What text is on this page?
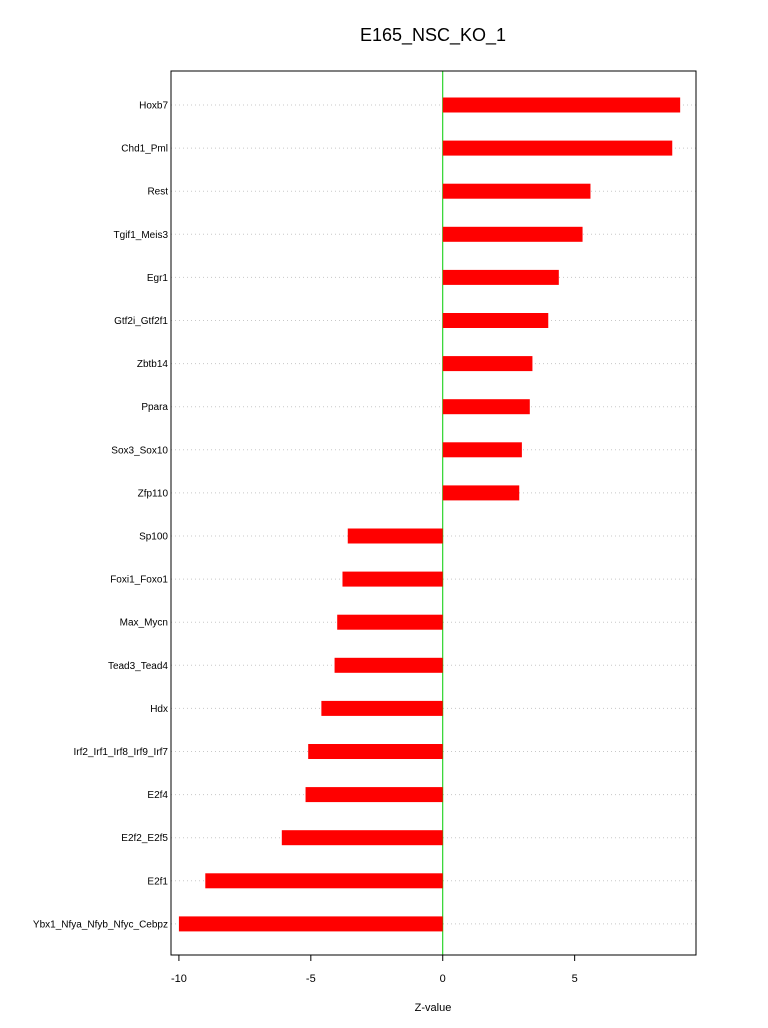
E165_NSC_KO_1
Hoxb7
Chd1_Pml
Rest
Tgif1_Meis3
Egr1
Gtf2i_Gtf2f1
Zbtb14
Ppara
Sox3_Sox10
Zfp110
Sp100
Foxi1_Foxo1
Max_Mycn
Tead3_Tead4
Hdx
Irf2_Irf1_Irf8_Irf9_Irf7
E2f4
E2f2_E2f5
E2f1
Ybx1_Nfya_Nfyb_Nfyc_Cebpz
-10	-5	0	5
Z-value
